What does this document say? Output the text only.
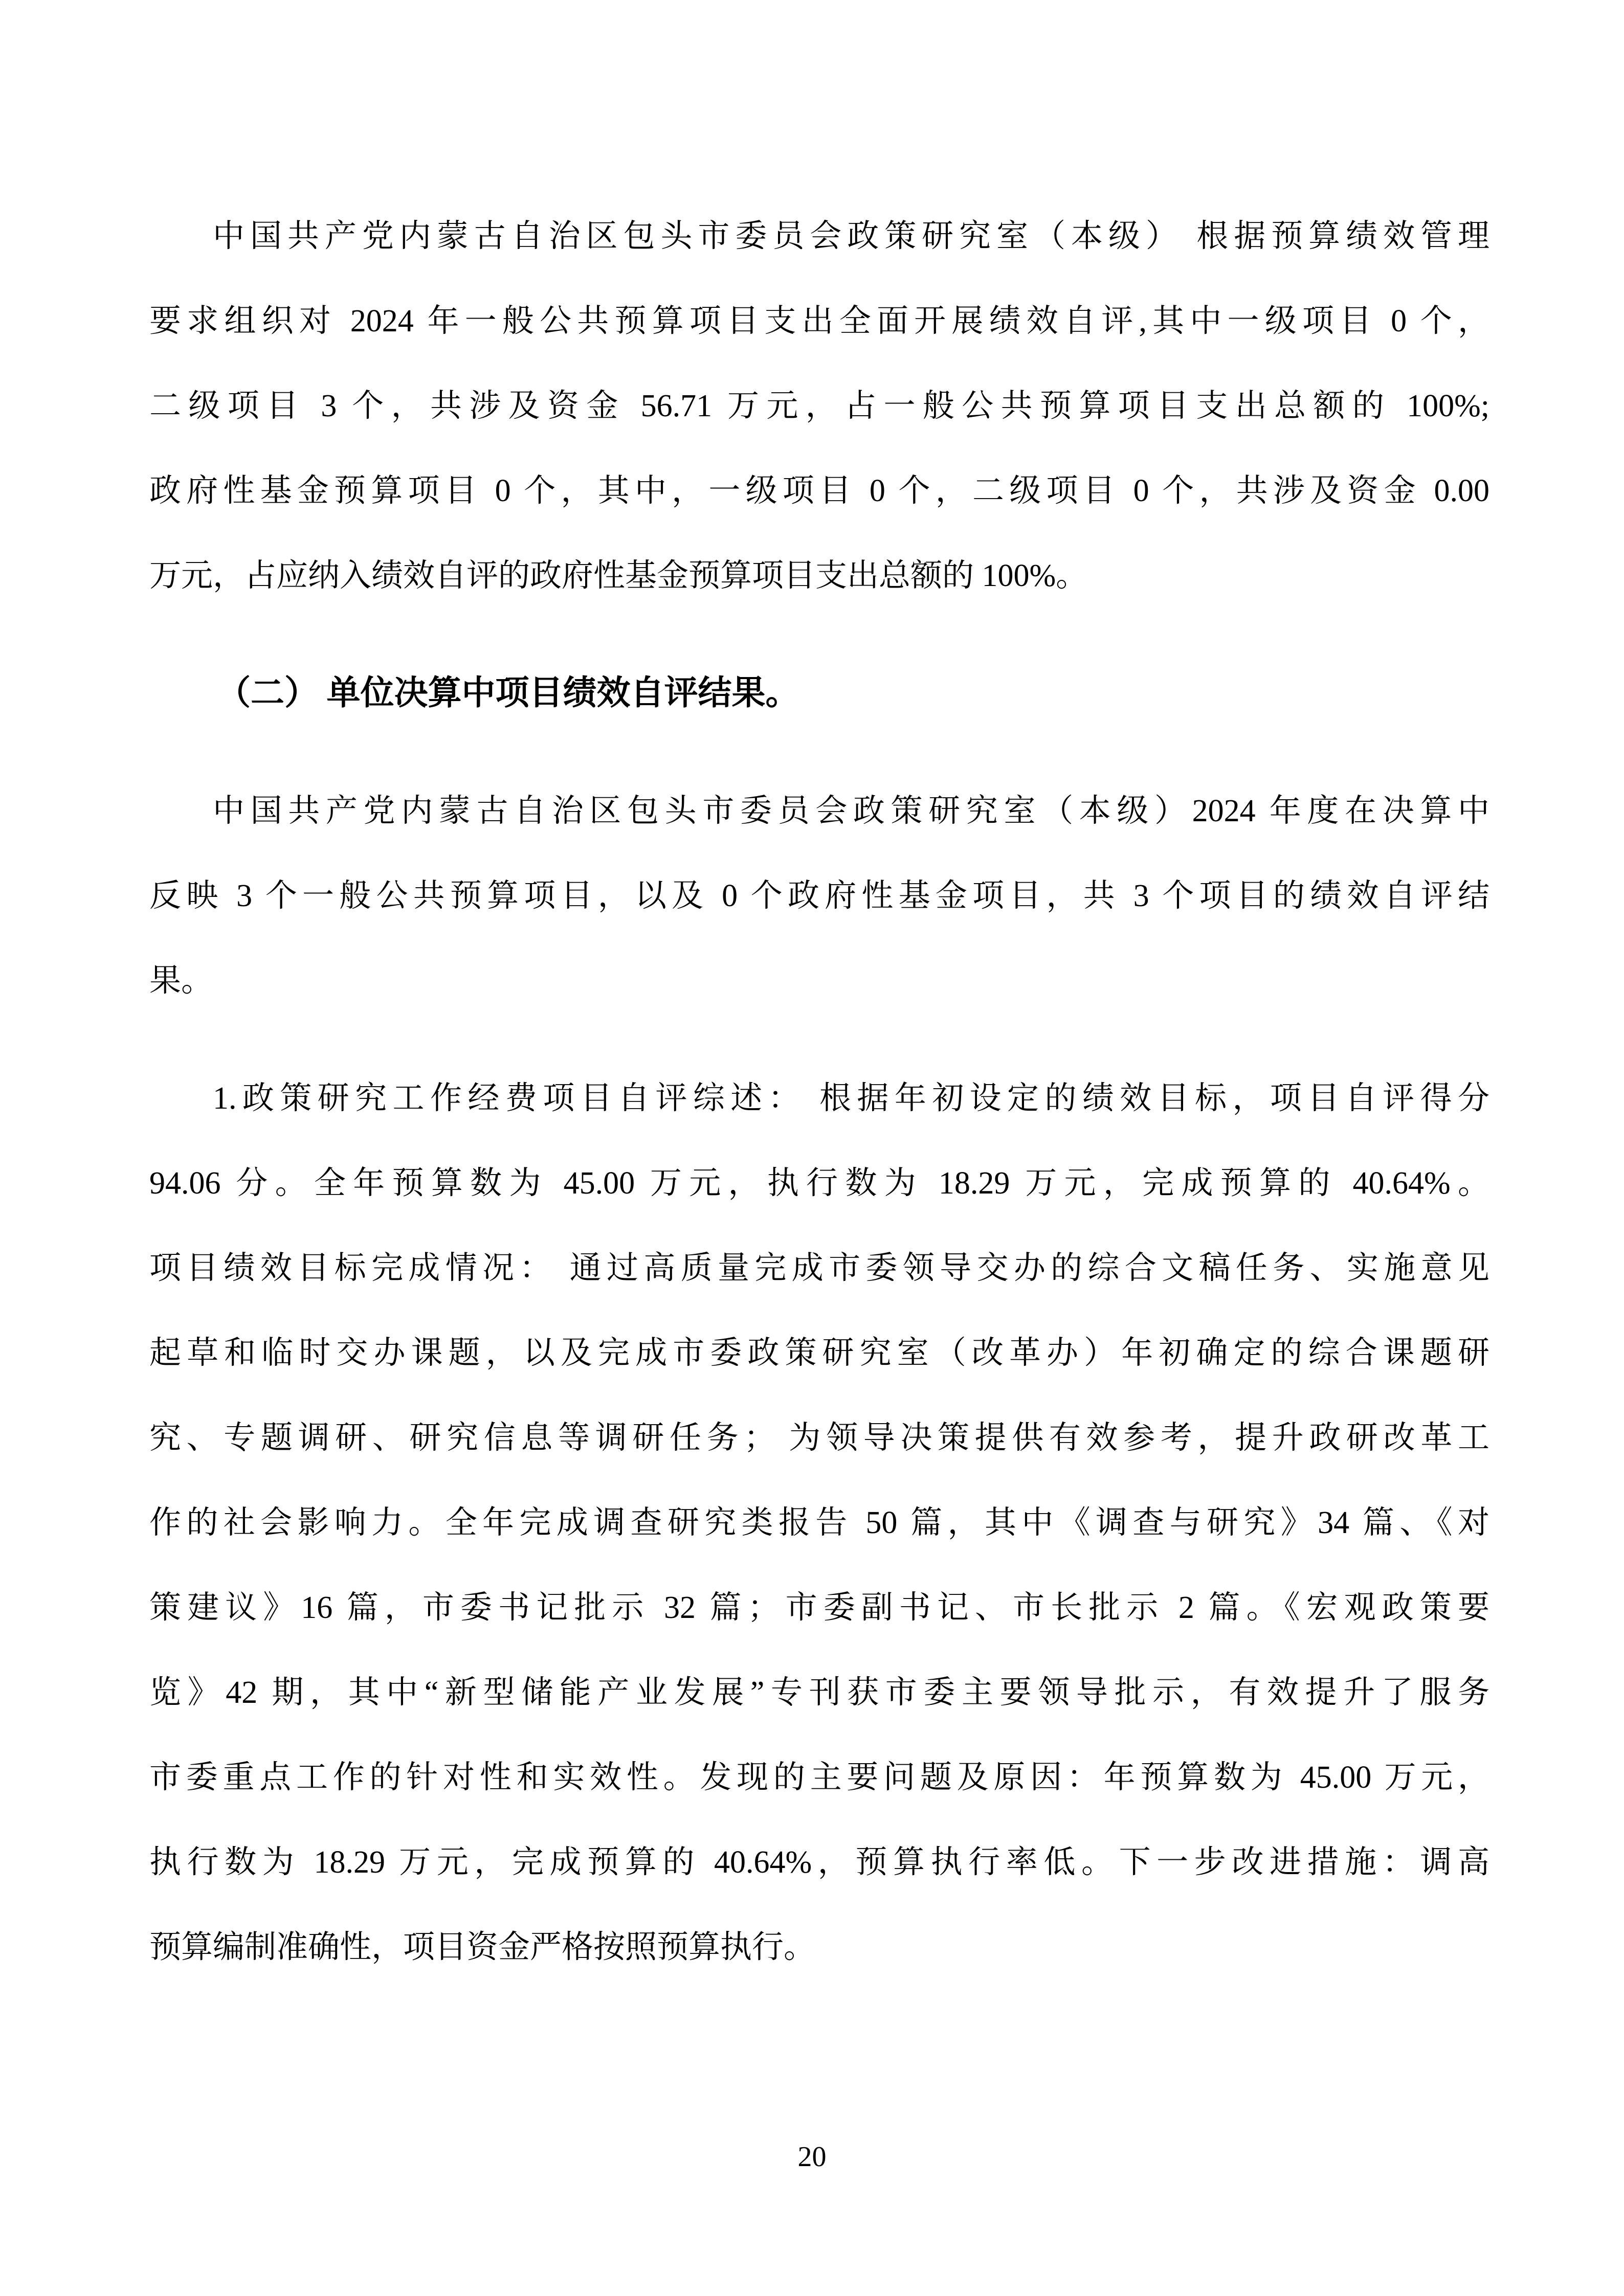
中国共产党内蒙古自治区包头市委员会政策研究室（本级） 根据预算绩效管理
要求组织对 2024 年一般公共预算项目支出全面开展绩效自评,其中一级项目 0 个，
二级项目 3 个，共涉及资金 56.71 万元，占一般公共预算项目支出总额的 100%;
政府性基金预算项目 0 个，其中，一级项目 0 个，二级项目 0 个，共涉及资金 0.00
万元，占应纳入绩效自评的政府性基金预算项目支出总额的 100%。
（二） 单位决算中项目绩效自评结果。
中国共产党内蒙古自治区包头市委员会政策研究室（本级）2024 年度在决算中
反映 3 个一般公共预算项目，以及 0 个政府性基金项目，共 3 个项目的绩效自评结
果。
1.政策研究工作经费项目自评综述： 根据年初设定的绩效目标，项目自评得分
94.06 分。全年预算数为 45.00 万元，执行数为 18.29 万元，完成预算的 40.64%。
项目绩效目标完成情况： 通过高质量完成市委领导交办的综合文稿任务、实施意见
起草和临时交办课题，以及完成市委政策研究室（改革办）年初确定的综合课题研
究、专题调研、研究信息等调研任务； 为领导决策提供有效参考，提升政研改革工
作的社会影响力。全年完成调查研究类报告 50 篇，其中《调查与研究》34 篇、《对
策建议》16 篇，市委书记批示 32 篇；市委副书记、市长批示 2 篇。《宏观政策要
览》42 期，其中“新型储能产业发展”专刊获市委主要领导批示，有效提升了服务
市委重点工作的针对性和实效性。发现的主要问题及原因：年预算数为 45.00 万元，
执行数为 18.29 万元，完成预算的 40.64%，预算执行率低。下一步改进措施：调高
预算编制准确性，项目资金严格按照预算执行。
20
